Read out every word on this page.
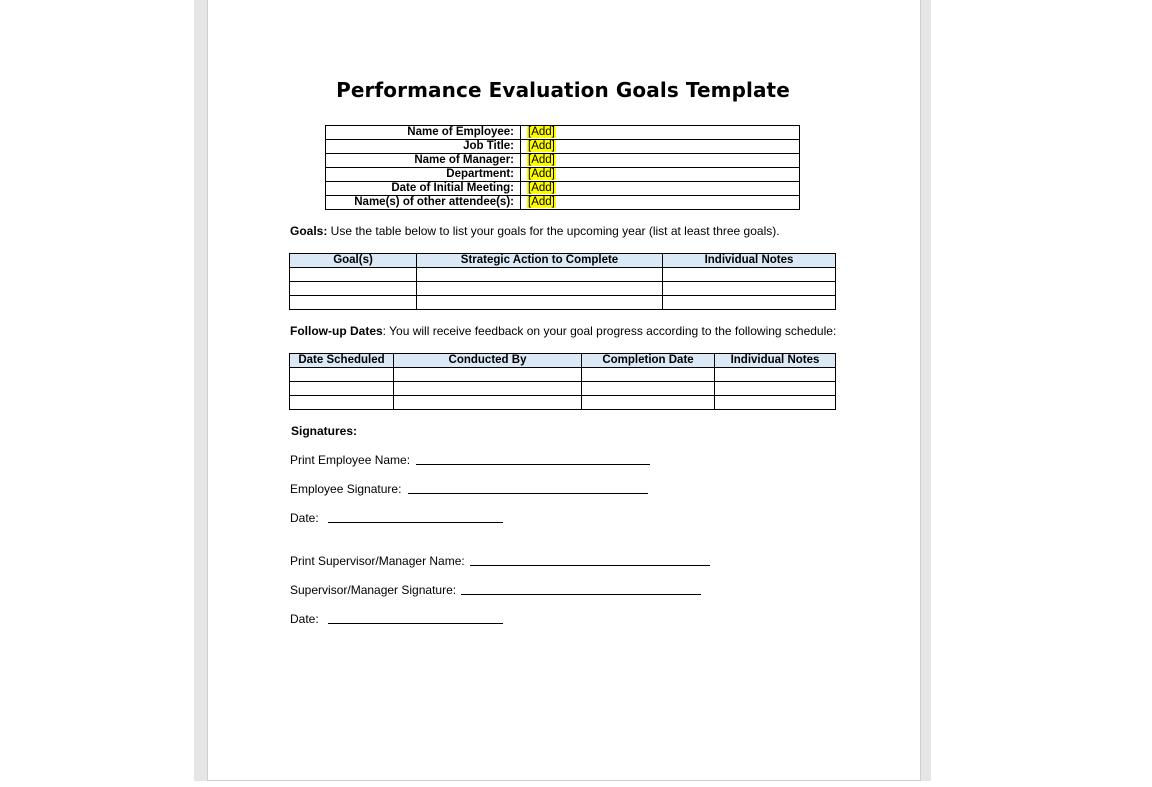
Performance Evaluation Goals Template
Name of Employee:	[Add]
Job Title:	[Add]
Name of Manager:	[Add]
Department:	[Add]
Date of Initial Meeting:	[Add]
Name(s) of other attendee(s):	[Add]
Goals: Use the table below to list your goals for the upcoming year (list at least three goals).
Goal(s)	Strategic Action to Complete	Individual Notes

Follow-up Dates: You will receive feedback on your goal progress according to the following schedule:
Date Scheduled	Conducted By	Completion Date	Individual Notes

Signatures:
Print Employee Name:
Employee Signature:
Date:
Print Supervisor/Manager Name:
Supervisor/Manager Signature:
Date:
